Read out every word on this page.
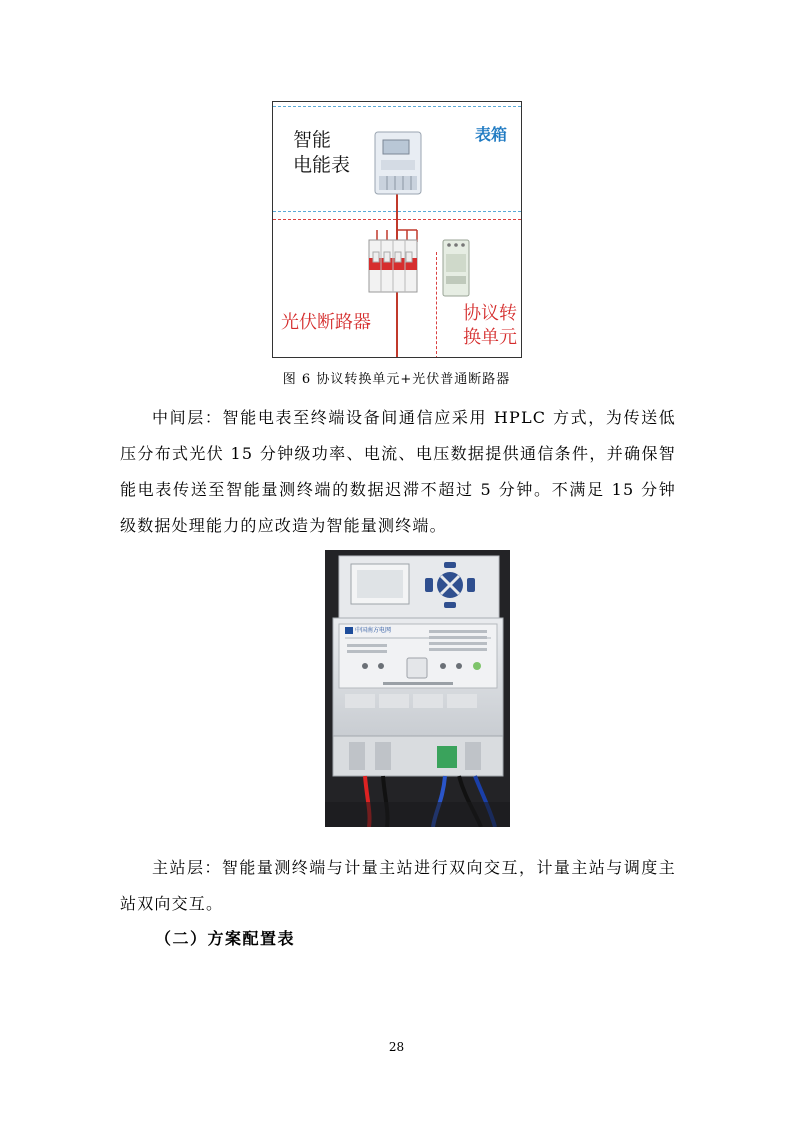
智能
电能表
表箱
光伏断路器	协议转
换单元
图 6 协议转换单元+光伏普通断路器

中间层：智能电表至终端设备间通信应采用 HPLC 方式，为传送低压分布式光伏 15 分钟级功率、电流、电压数据提供通信条件，并确保智能电表传送至智能量测终端的数据迟滞不超过 5 分钟。不满足 15 分钟级数据处理能力的应改造为智能量测终端。

中国南方电网

主站层：智能量测终端与计量主站进行双向交互，计量主站与调度主站双向交互。

（二）方案配置表
28
